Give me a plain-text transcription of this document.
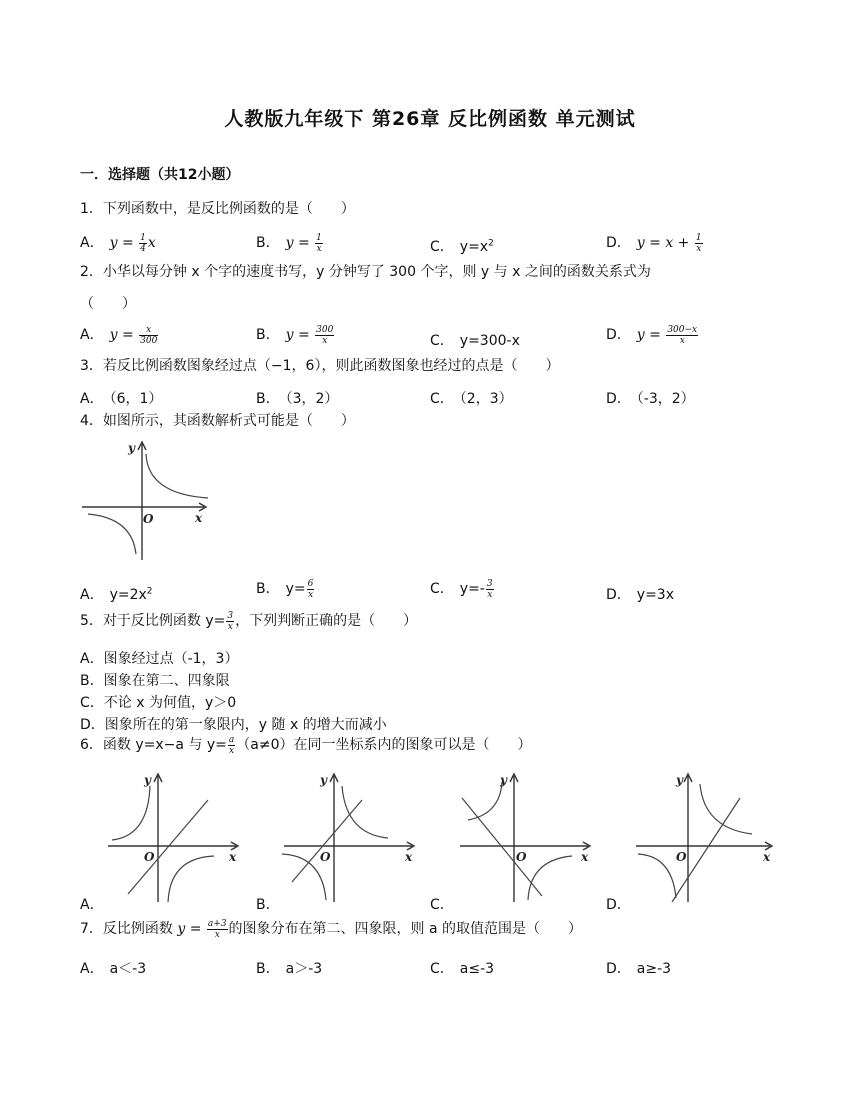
人教版九年级下 第26章 反比例函数 单元测试
一．选择题（共12小题）
1．下列函数中，是反比例函数的是（　　）
A． $y = \frac{1}{4}$ x	B． $y = \frac{1}{x}$	C． $y=x^2$	D． $y = x + \frac{1}{x}$
2．小华以每分钟 x 个字的速度书写，y 分钟写了 300 个字，则 y 与 x 之间的函数关系式为
（　　）
A． $y = \frac{x}{300}$	B． $y = \frac{300}{x}$	C． y=300-x	D． $y = \frac{300-x}{x}$
3．若反比例函数图象经过点（−1，6），则此函数图象也经过的点是（　　）
A． （6，1）	B． （3，2）	C． （2，3）	D． （-3，2）
4．如图所示，其函数解析式可能是（　　）
y
x
O
A． $y=2x^2$	B． $y= \frac{6}{x}$	C． $y=- \frac{3}{x}$	D． y=3x
5．对于反比例函数 $y= \frac{3}{x}$ ，下列判断正确的是（　　）
A．图象经过点（-1，3）
B．图象在第二、四象限
C．不论 x 为何值，y＞0
D．图象所在的第一象限内，y 随 x 的增大而减小
6．函数 y=x−a 与 $y= \frac{a}{x} (a\ne 0)$在同一坐标系内的图象可以是（　　）
y
x
O
y
x
O
y
x
O
y
x
O
A．	B．	C．	D．
7．反比例函数 $y = \frac{a+3}{x}$ 的图象分布在第二、四象限，则 a 的取值范围是（　　）
A． a＜-3	B． a＞-3	C． a≤-3	D． a≥-3
